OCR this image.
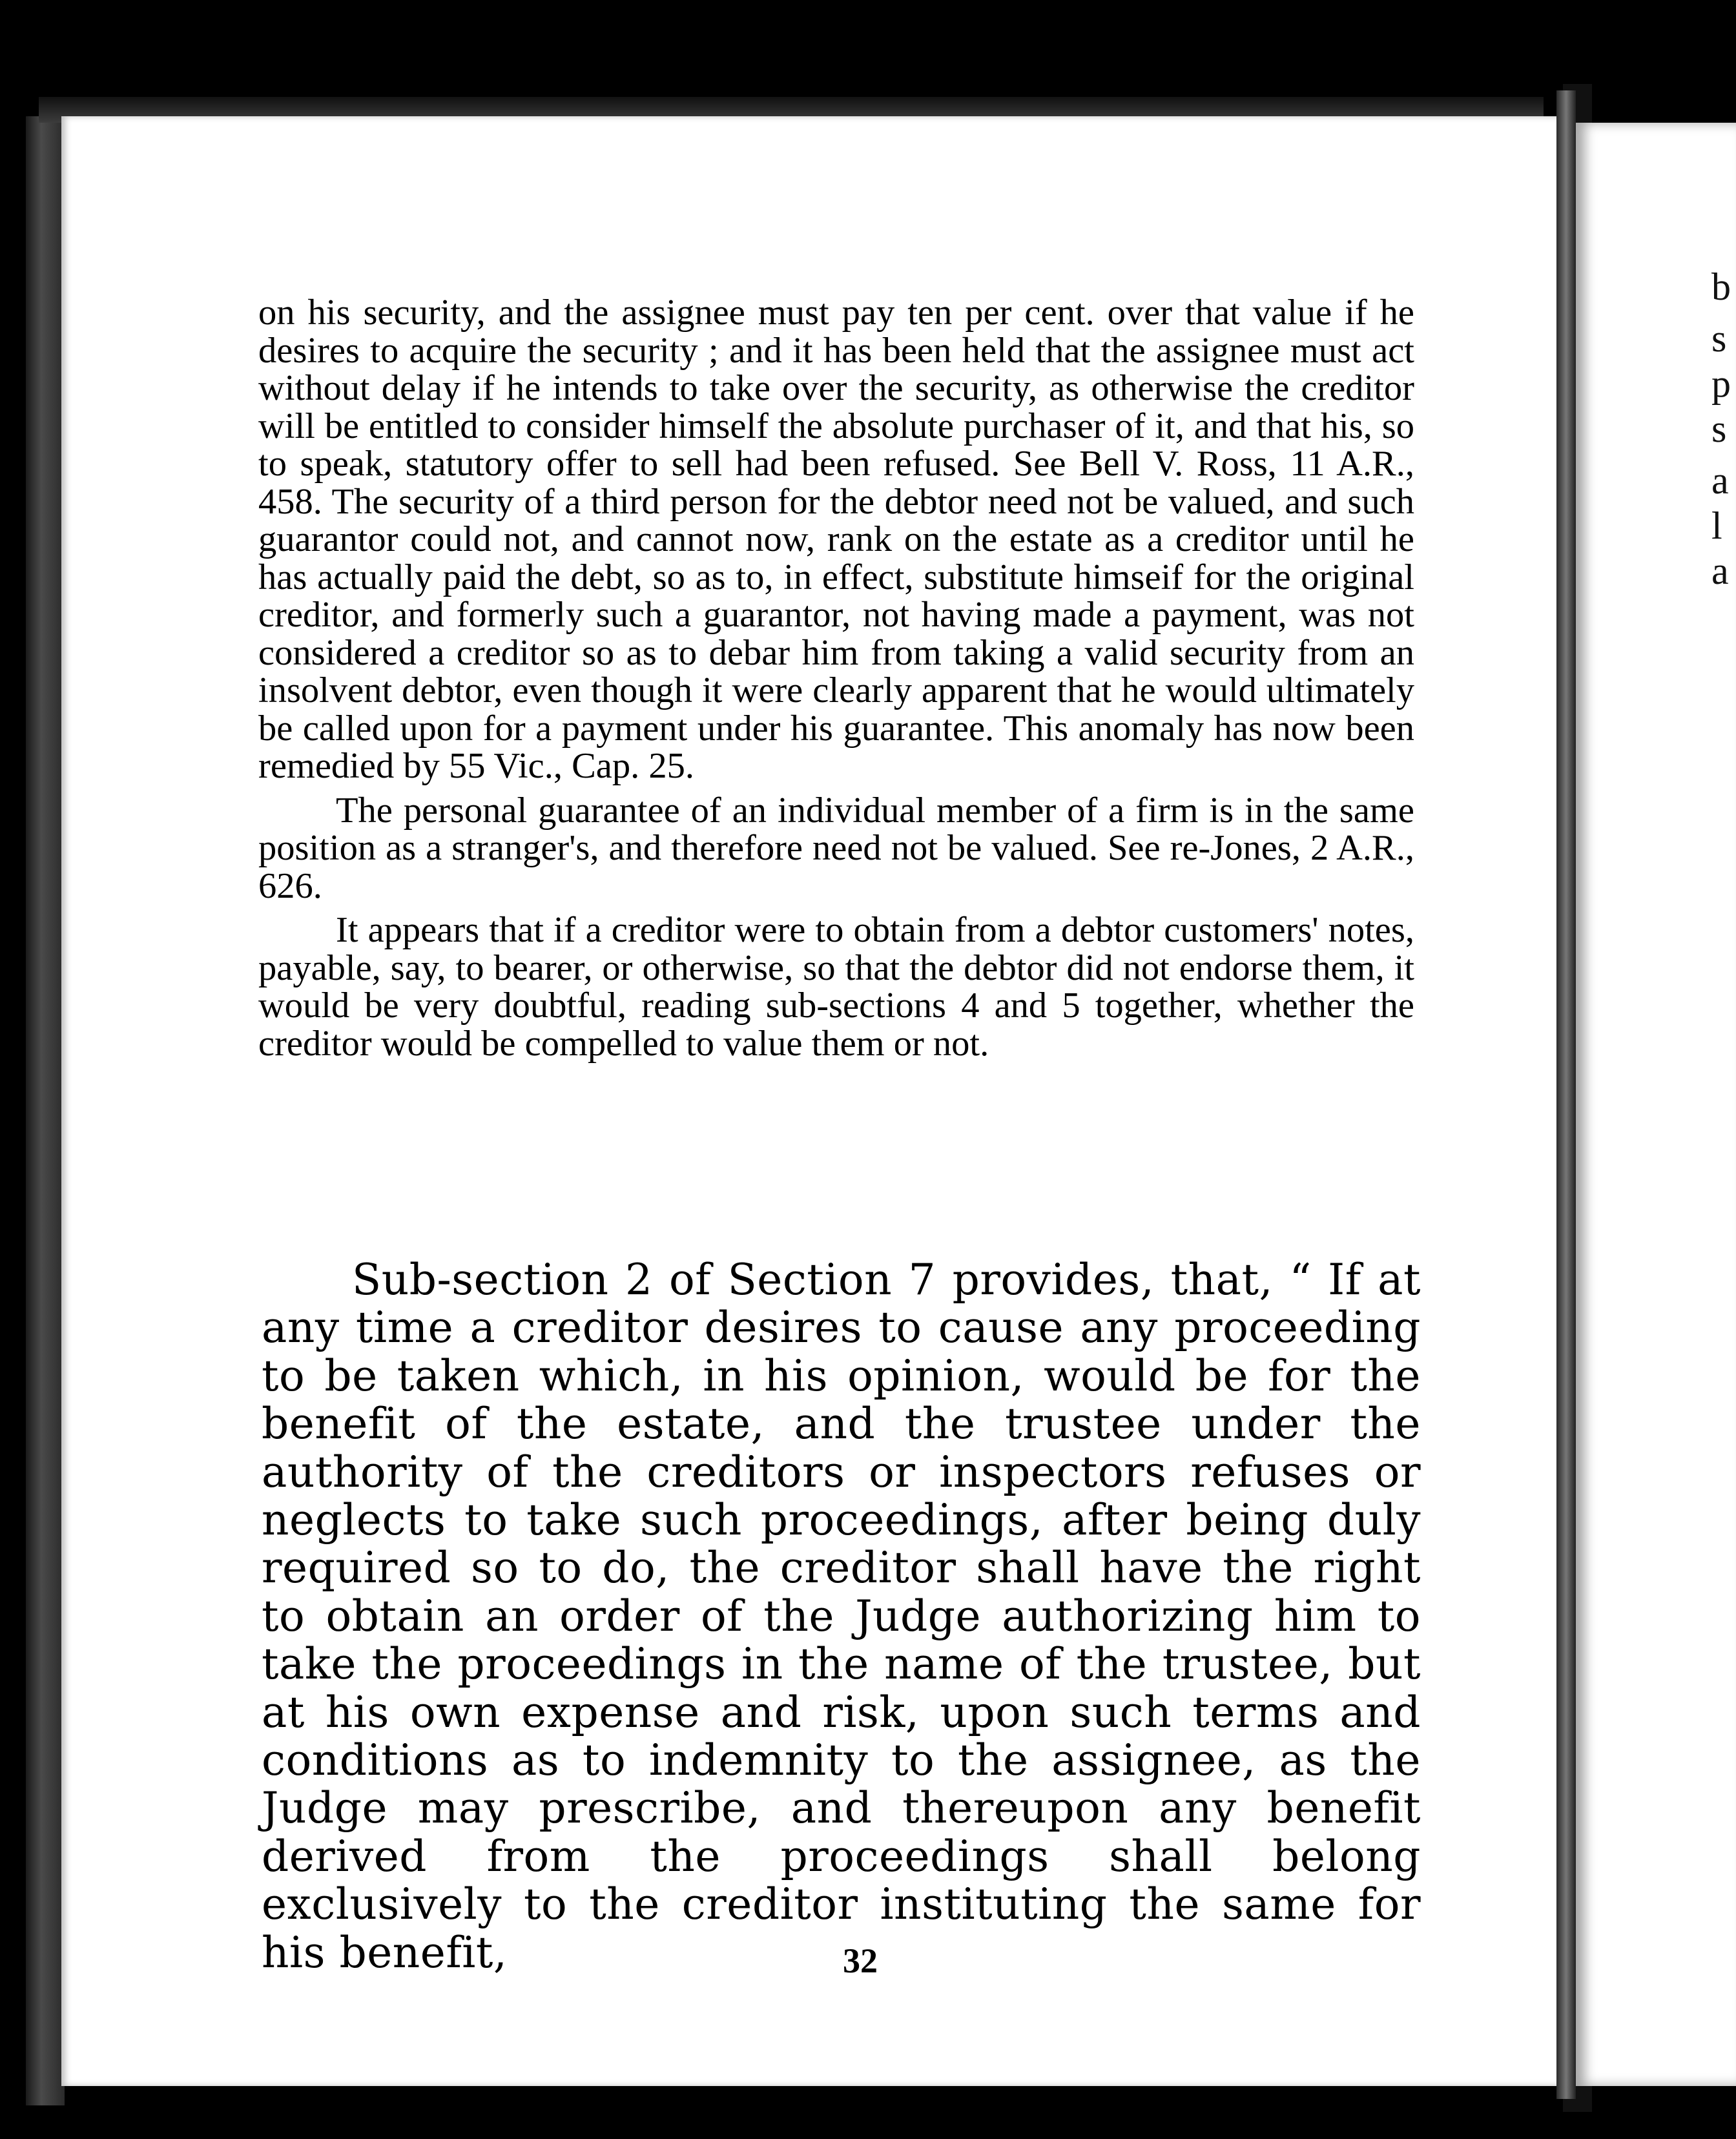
on his security, and the assignee must pay ten per cent. over that value if he desires to acquire the security ; and it has been held that the assignee must act without delay if he intends to take over the security, as otherwise the creditor will be entitled to consider himself the absolute purchaser of it, and that his, so to speak, statutory offer to sell had been refused. See Bell V. Ross, 11 A.R., 458. The security of a third person for the debtor need not be valued, and such guarantor could not, and cannot now, rank on the estate as a creditor until he has actually paid the debt, so as to, in effect, substitute himseif for the original creditor, and formerly such a guarantor, not having made a payment, was not considered a creditor so as to debar him from taking a valid security from an insolvent debtor, even though it were clearly apparent that he would ultimately be called upon for a payment under his guarantee. This anomaly has now been remedied by 55 Vic., Cap. 25.

The personal guarantee of an individual member of a firm is in the same position as a stranger's, and therefore need not be valued. See re-Jones, 2 A.R., 626.

It appears that if a creditor were to obtain from a debtor customers' notes, payable, say, to bearer, or otherwise, so that the debtor did not endorse them, it would be very doubtful, reading sub-sections 4 and 5 together, whether the creditor would be compelled to value them or not.

Sub-section 2 of Section 7 provides, that, “ If at any time a creditor desires to cause any proceeding to be taken which, in his opinion, would be for the benefit of the estate, and the trustee under the authority of the creditors or inspectors refuses or neglects to take such proceedings, after being duly required so to do, the creditor shall have the right to obtain an order of the Judge authorizing him to take the proceedings in the name of the trustee, but at his own expense and risk, upon such terms and conditions as to indemnity to the assignee, as the Judge may prescribe, and thereupon any benefit derived from the proceedings shall belong exclusively to the creditor instituting the same for his benefit,	32
b
s
p
s
a
l
a
